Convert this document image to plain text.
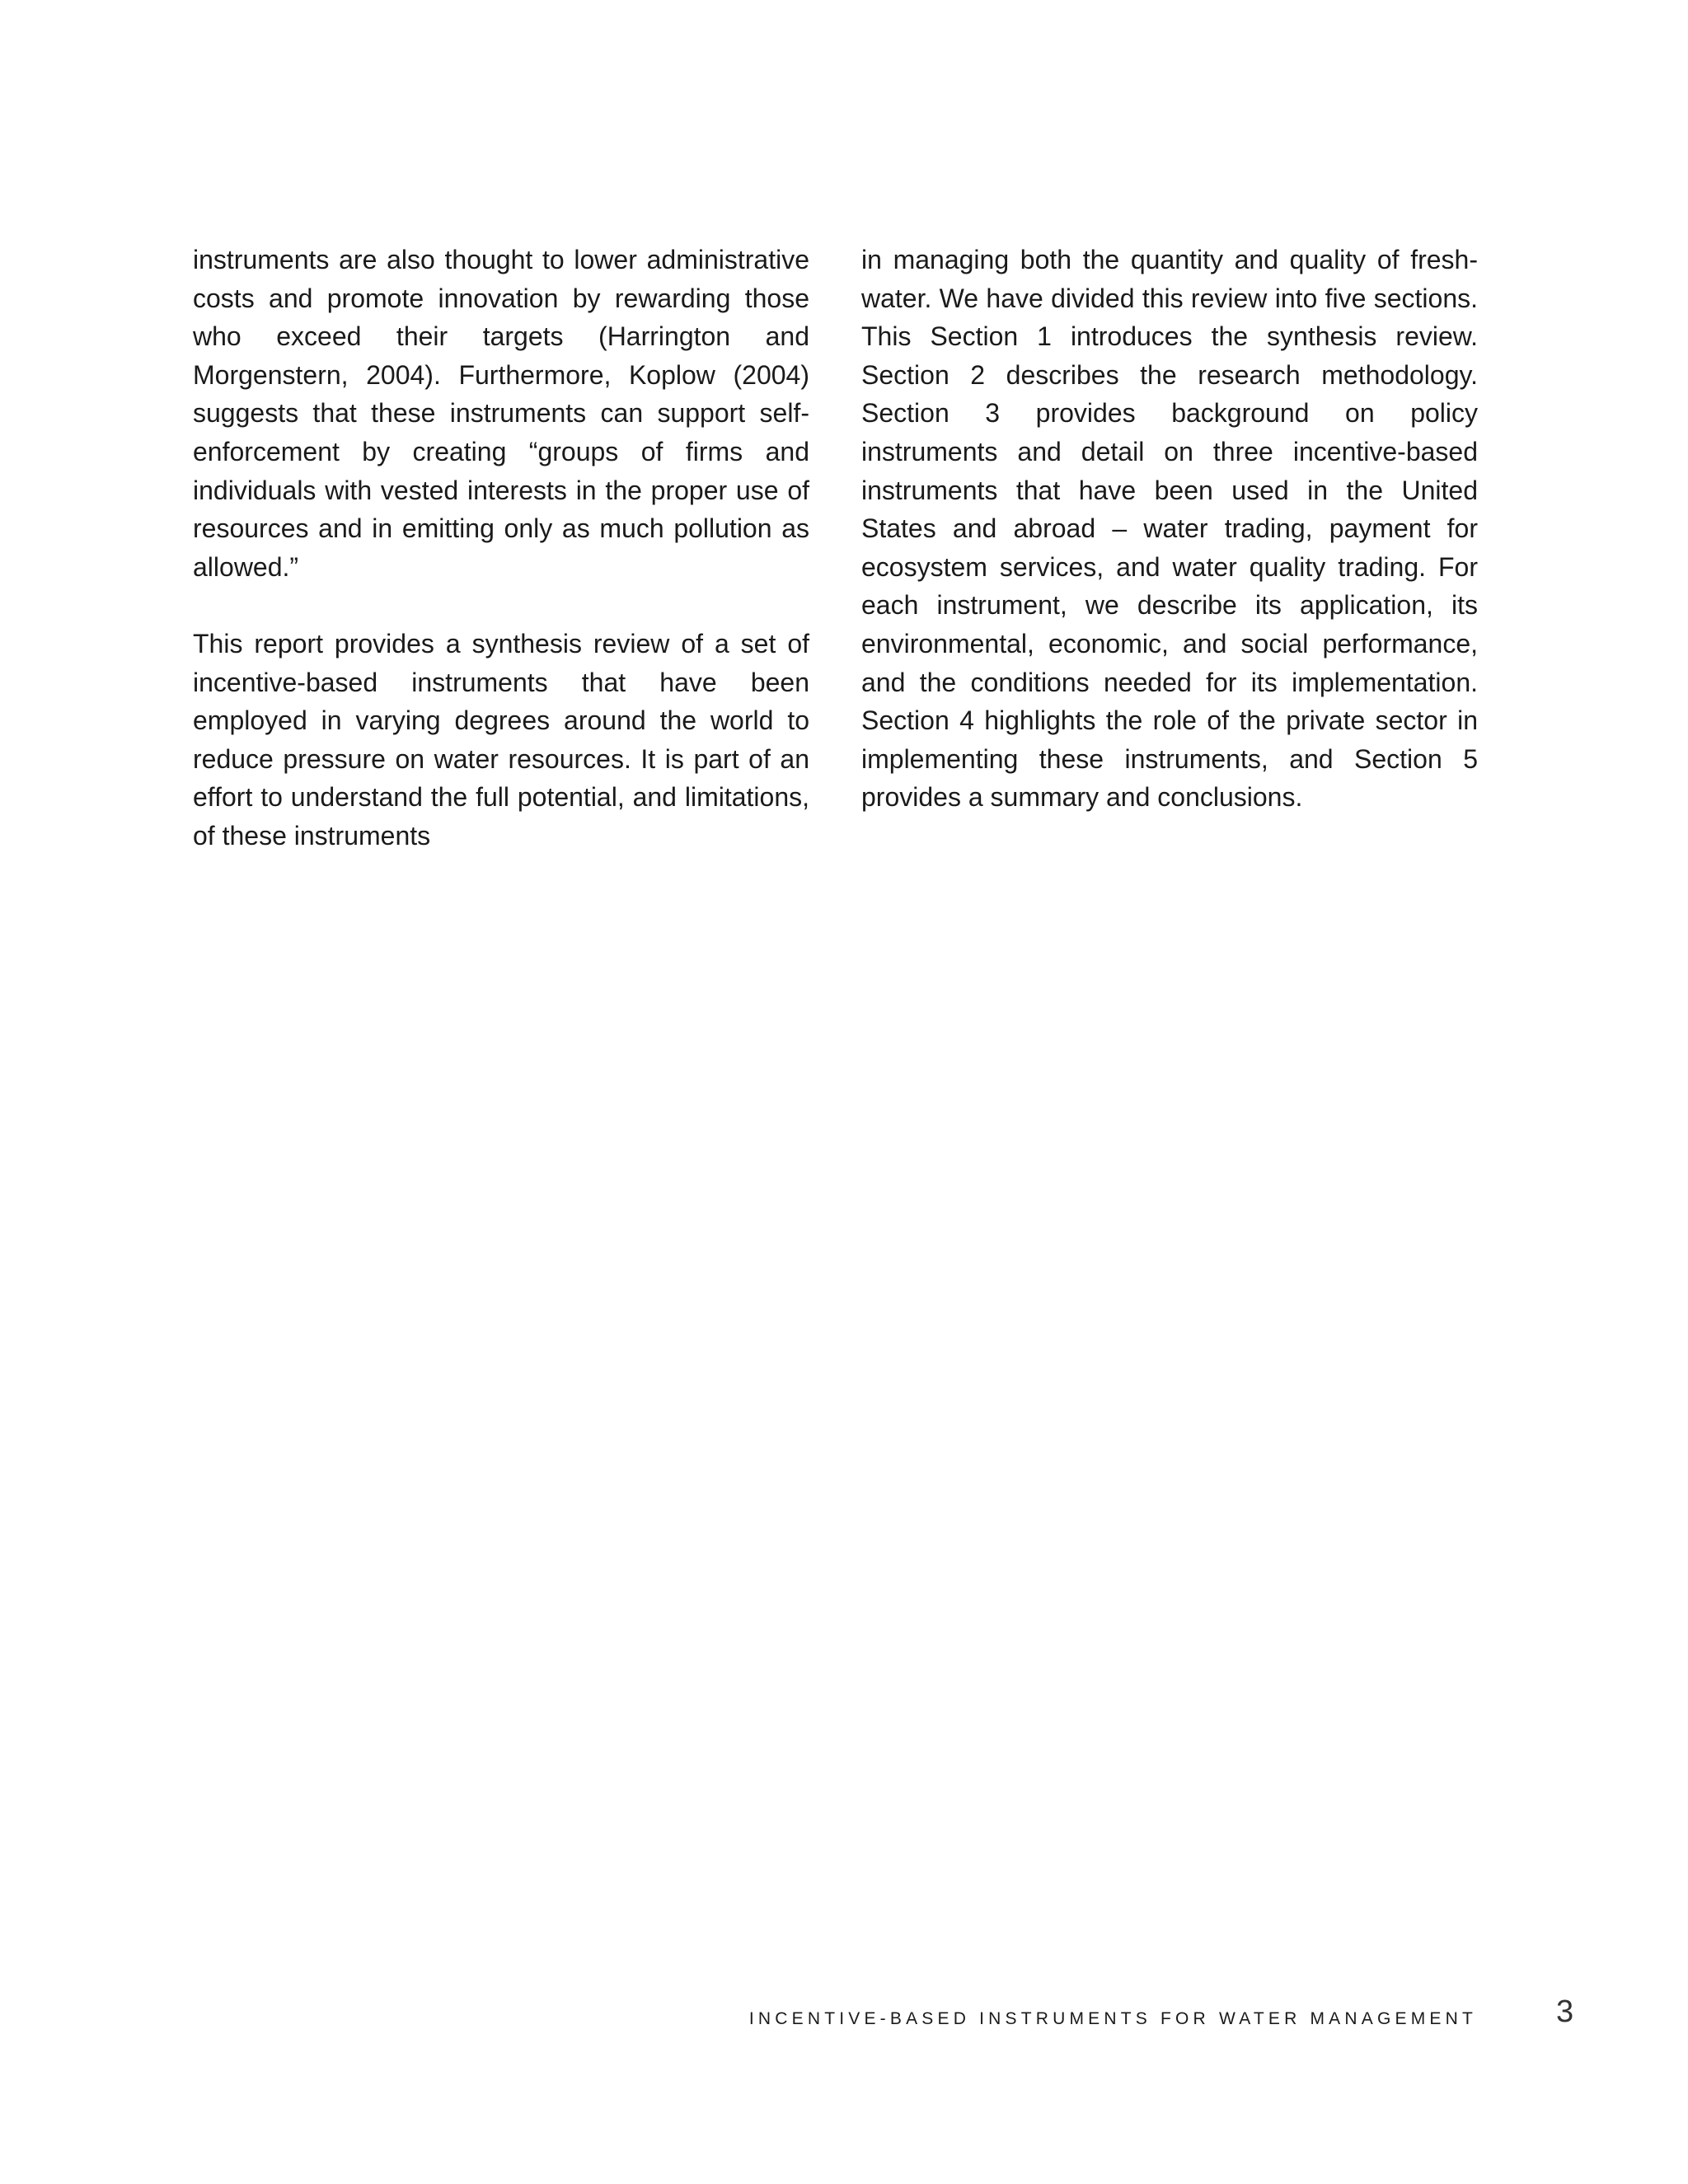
instruments are also thought to lower administrative costs and promote innovation by rewarding those who exceed their targets (Harrington and Morgenstern, 2004). Furthermore, Koplow (2004) suggests that these instruments can support self-enforcement by creating “groups of firms and individuals with vested interests in the proper use of resources and in emitting only as much pollution as allowed.”

This report provides a synthesis review of a set of incentive-based instruments that have been employed in varying degrees around the world to reduce pressure on water resources. It is part of an effort to understand the full potential, and limitations, of these instruments

in managing both the quantity and quality of freshwater. We have divided this review into five sections. This Section 1 introduces the synthesis review. Section 2 describes the research methodology. Section 3 provides background on policy instruments and detail on three incentive-based instruments that have been used in the United States and abroad – water trading, payment for ecosystem services, and water quality trading. For each instrument, we describe its application, its environmental, economic, and social performance, and the conditions needed for its implementation. Section 4 highlights the role of the private sector in implementing these instruments, and Section 5 provides a summary and conclusions.

INCENTIVE-BASED INSTRUMENTS FOR WATER MANAGEMENT	3
